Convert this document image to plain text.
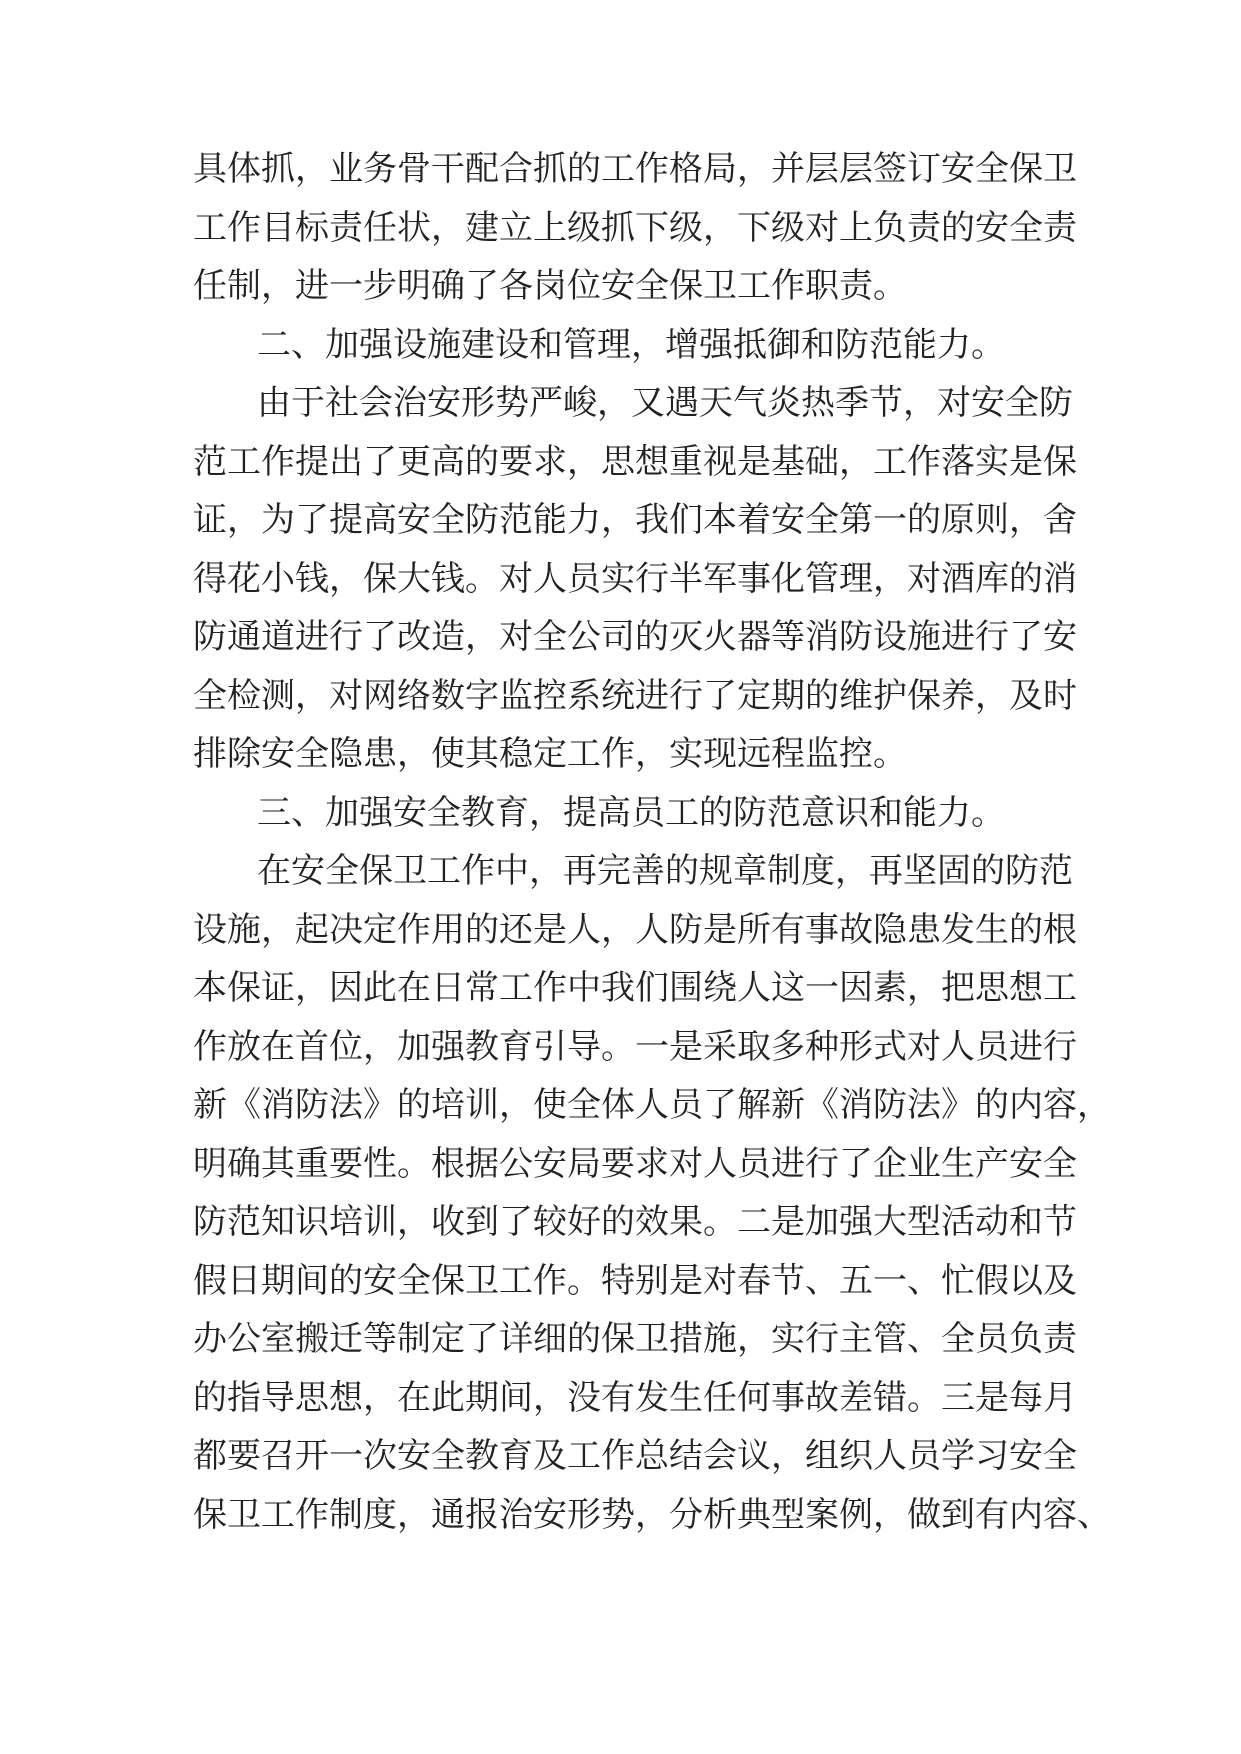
具体抓，业务骨干配合抓的工作格局，并层层签订安全保卫
工作目标责任状，建立上级抓下级，下级对上负责的安全责
任制，进一步明确了各岗位安全保卫工作职责。
二、加强设施建设和管理，增强抵御和防范能力。
由于社会治安形势严峻，又遇天气炎热季节，对安全防
范工作提出了更高的要求，思想重视是基础，工作落实是保
证，为了提高安全防范能力，我们本着安全第一的原则，舍
得花小钱，保大钱。对人员实行半军事化管理，对酒库的消
防通道进行了改造，对全公司的灭火器等消防设施进行了安
全检测，对网络数字监控系统进行了定期的维护保养，及时
排除安全隐患，使其稳定工作，实现远程监控。
三、加强安全教育，提高员工的防范意识和能力。
在安全保卫工作中，再完善的规章制度，再坚固的防范
设施，起决定作用的还是人，人防是所有事故隐患发生的根
本保证，因此在日常工作中我们围绕人这一因素，把思想工
作放在首位，加强教育引导。一是采取多种形式对人员进行
新《消防法》的培训，使全体人员了解新《消防法》的内容，
明确其重要性。根据公安局要求对人员进行了企业生产安全
防范知识培训，收到了较好的效果。二是加强大型活动和节
假日期间的安全保卫工作。特别是对春节、五一、忙假以及
办公室搬迁等制定了详细的保卫措施，实行主管、全员负责
的指导思想，在此期间，没有发生任何事故差错。三是每月
都要召开一次安全教育及工作总结会议，组织人员学习安全
保卫工作制度，通报治安形势，分析典型案例，做到有内容、
